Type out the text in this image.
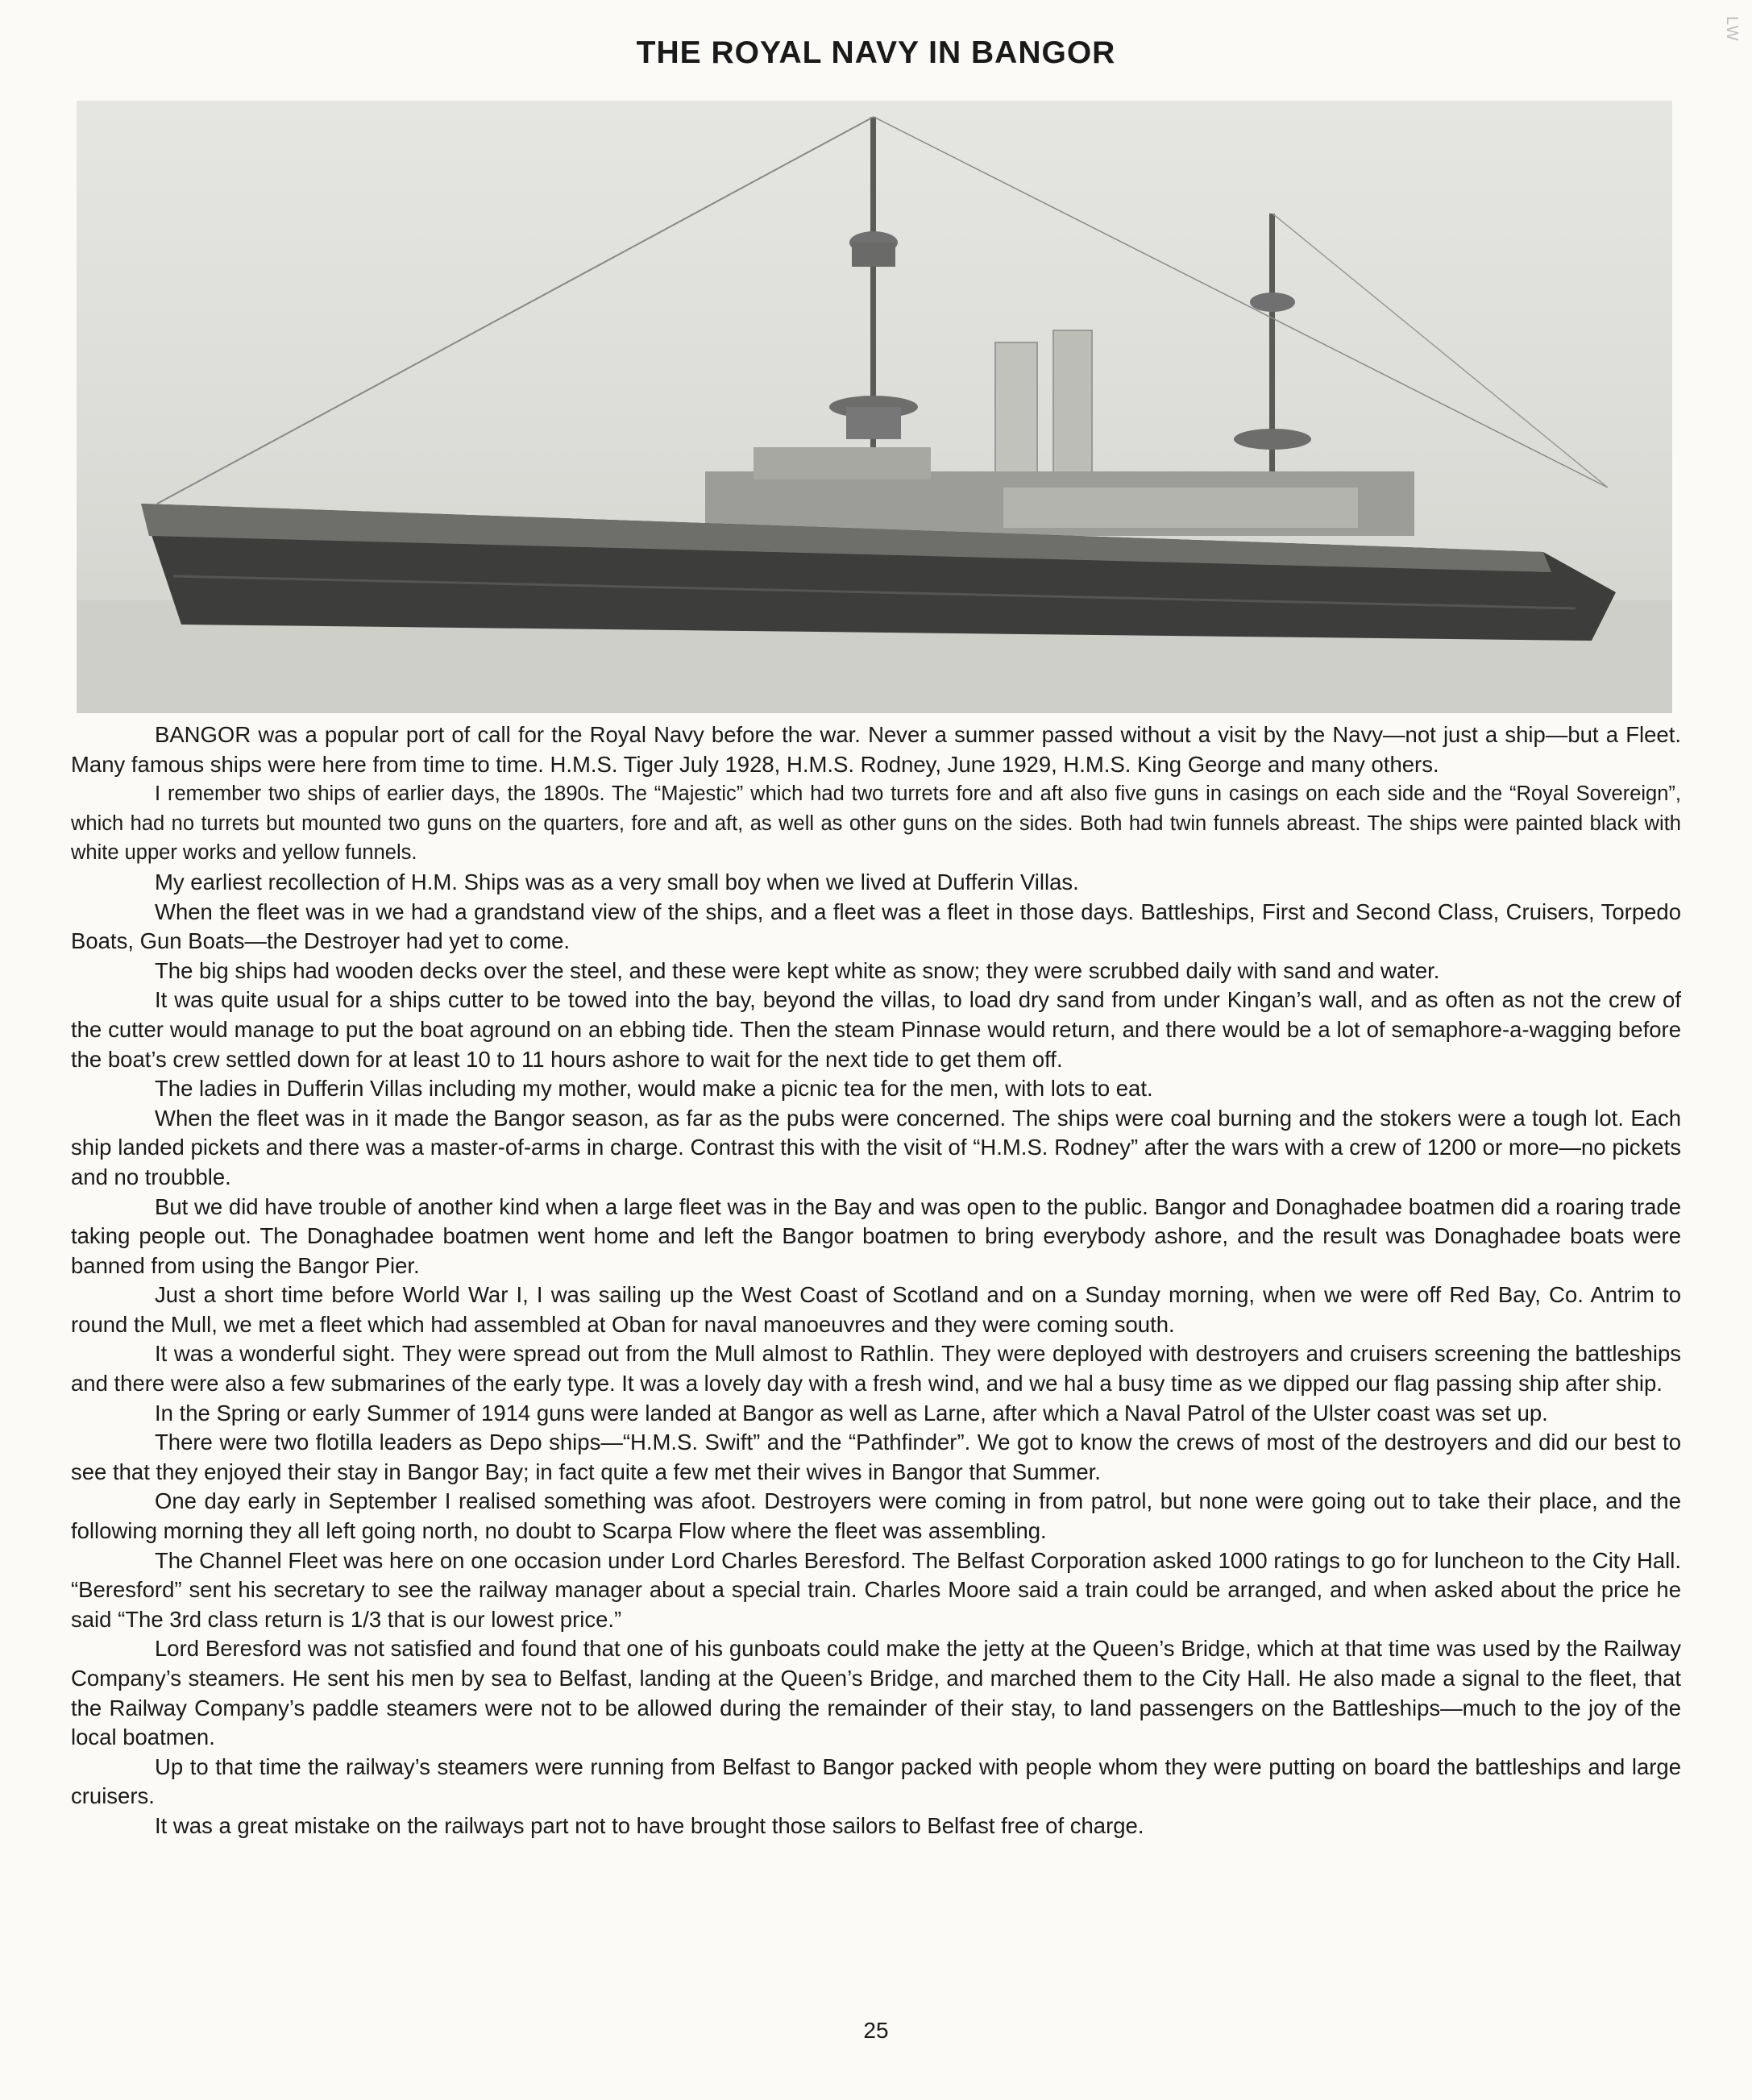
THE ROYAL NAVY IN BANGOR
LW

BANGOR was a popular port of call for the Royal Navy before the war. Never a summer passed without a visit by the Navy—not just a ship—but a Fleet. Many famous ships were here from time to time. H.M.S. Tiger July 1928, H.M.S. Rodney, June 1929, H.M.S. King George and many others.

I remember two ships of earlier days, the 1890s. The “Majestic” which had two turrets fore and aft also five guns in casings on each side and the “Royal Sovereign”, which had no turrets but mounted two guns on the quarters, fore and aft, as well as other guns on the sides. Both had twin funnels abreast. The ships were painted black with white upper works and yellow funnels.

My earliest recollection of H.M. Ships was as a very small boy when we lived at Dufferin Villas.

When the fleet was in we had a grandstand view of the ships, and a fleet was a fleet in those days. Battleships, First and Second Class, Cruisers, Torpedo Boats, Gun Boats—the Destroyer had yet to come.

The big ships had wooden decks over the steel, and these were kept white as snow; they were scrubbed daily with sand and water.

It was quite usual for a ships cutter to be towed into the bay, beyond the villas, to load dry sand from under Kingan’s wall, and as often as not the crew of the cutter would manage to put the boat aground on an ebbing tide. Then the steam Pinnase would return, and there would be a lot of semaphore-a-wagging before the boat’s crew settled down for at least 10 to 11 hours ashore to wait for the next tide to get them off.

The ladies in Dufferin Villas including my mother, would make a picnic tea for the men, with lots to eat.

When the fleet was in it made the Bangor season, as far as the pubs were concerned. The ships were coal burning and the stokers were a tough lot. Each ship landed pickets and there was a master-of-arms in charge. Contrast this with the visit of “H.M.S. Rodney” after the wars with a crew of 1200 or more—no pickets and no troubble.

But we did have trouble of another kind when a large fleet was in the Bay and was open to the public. Bangor and Donaghadee boatmen did a roaring trade taking people out. The Donaghadee boatmen went home and left the Bangor boatmen to bring everybody ashore, and the result was Donaghadee boats were banned from using the Bangor Pier.

Just a short time before World War I, I was sailing up the West Coast of Scotland and on a Sunday morning, when we were off Red Bay, Co. Antrim to round the Mull, we met a fleet which had assembled at Oban for naval manoeuvres and they were coming south.

It was a wonderful sight. They were spread out from the Mull almost to Rathlin. They were deployed with destroyers and cruisers screening the battleships and there were also a few submarines of the early type. It was a lovely day with a fresh wind, and we hal a busy time as we dipped our flag passing ship after ship.

In the Spring or early Summer of 1914 guns were landed at Bangor as well as Larne, after which a Naval Patrol of the Ulster coast was set up.

There were two flotilla leaders as Depo ships—“H.M.S. Swift” and the “Pathfinder”. We got to know the crews of most of the destroyers and did our best to see that they enjoyed their stay in Bangor Bay; in fact quite a few met their wives in Bangor that Summer.

One day early in September I realised something was afoot. Destroyers were coming in from patrol, but none were going out to take their place, and the following morning they all left going north, no doubt to Scarpa Flow where the fleet was assembling.

The Channel Fleet was here on one occasion under Lord Charles Beresford. The Belfast Corporation asked 1000 ratings to go for luncheon to the City Hall. “Beresford” sent his secretary to see the railway manager about a special train. Charles Moore said a train could be arranged, and when asked about the price he said “The 3rd class return is 1/3 that is our lowest price.”

Lord Beresford was not satisfied and found that one of his gunboats could make the jetty at the Queen’s Bridge, which at that time was used by the Railway Company’s steamers. He sent his men by sea to Belfast, landing at the Queen’s Bridge, and marched them to the City Hall. He also made a signal to the fleet, that the Railway Company’s paddle steamers were not to be allowed during the remainder of their stay, to land passengers on the Battleships—much to the joy of the local boatmen.

Up to that time the railway’s steamers were running from Belfast to Bangor packed with people whom they were putting on board the battleships and large cruisers.

It was a great mistake on the railways part not to have brought those sailors to Belfast free of charge.

25
